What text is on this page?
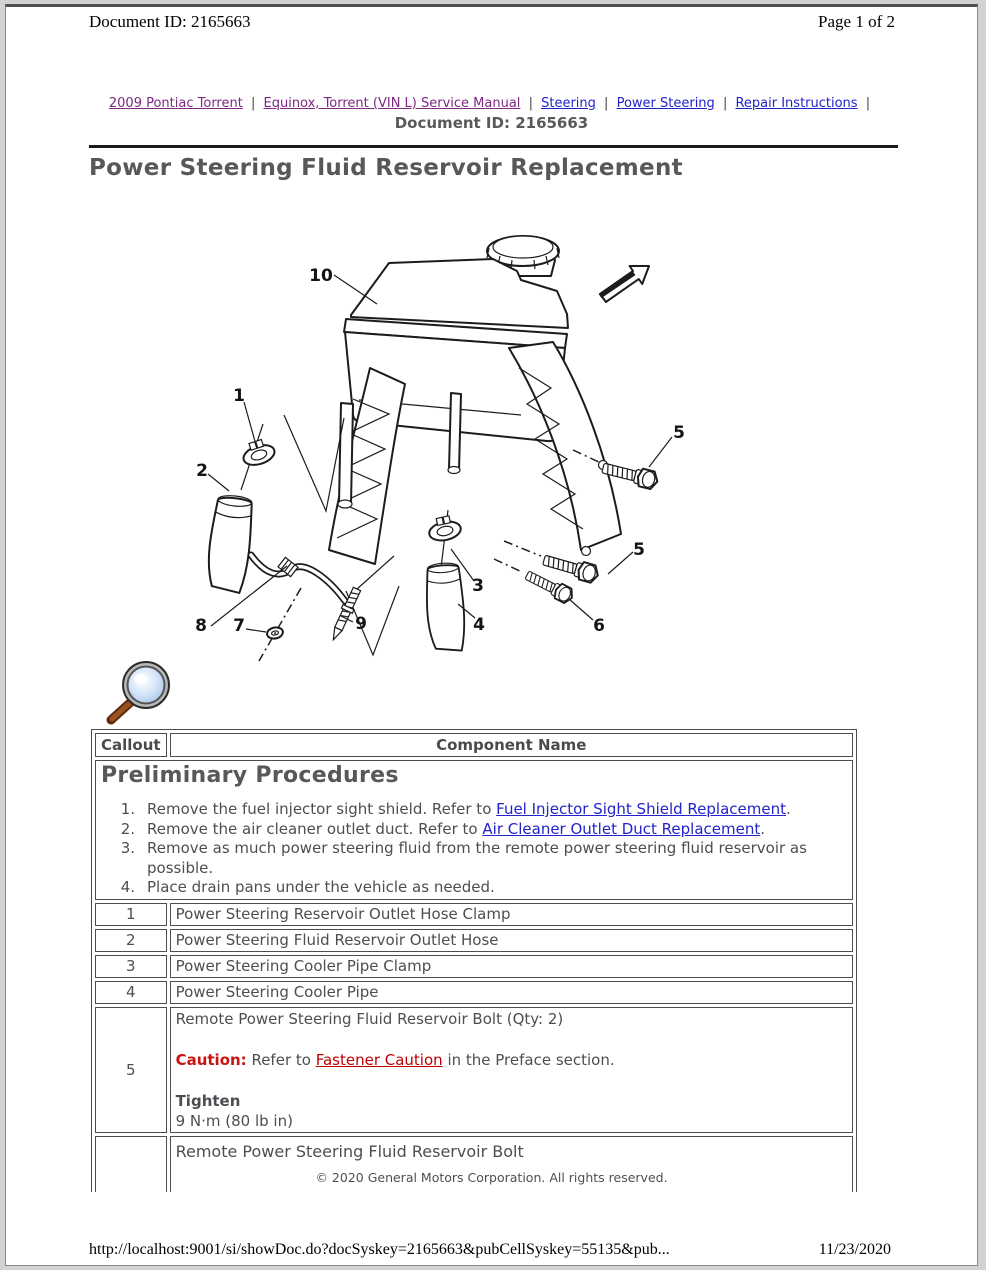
Document ID: 2165663	Page 1 of 2
2009 Pontiac Torrent | Equinox, Torrent (VIN L) Service Manual | Steering | Power Steering | Repair Instructions |
Document ID: 2165663
Power Steering Fluid Reservoir Replacement
10
1
2
3
4
5
5
6
7
8	9
Callout	Component Name

Preliminary Procedures
1. Remove the fuel injector sight shield. Refer to Fuel Injector Sight Shield Replacement.
2. Remove the air cleaner outlet duct. Refer to Air Cleaner Outlet Duct Replacement.
3. Remove as much power steering fluid from the remote power steering fluid reservoir as possible.
4. Place drain pans under the vehicle as needed.

1	Power Steering Reservoir Outlet Hose Clamp
2	Power Steering Fluid Reservoir Outlet Hose
3	Power Steering Cooler Pipe Clamp
4	Power Steering Cooler Pipe
5	Remote Power Steering Fluid Reservoir Bolt (Qty: 2)
Caution: Refer to Fastener Caution in the Preface section.
Tighten
9 N·m (80 lb in)

	Remote Power Steering Fluid Reservoir Bolt
© 2020 General Motors Corporation. All rights reserved.
http://localhost:9001/si/showDoc.do?docSyskey=2165663&pubCellSyskey=55135&pub...	11/23/2020
